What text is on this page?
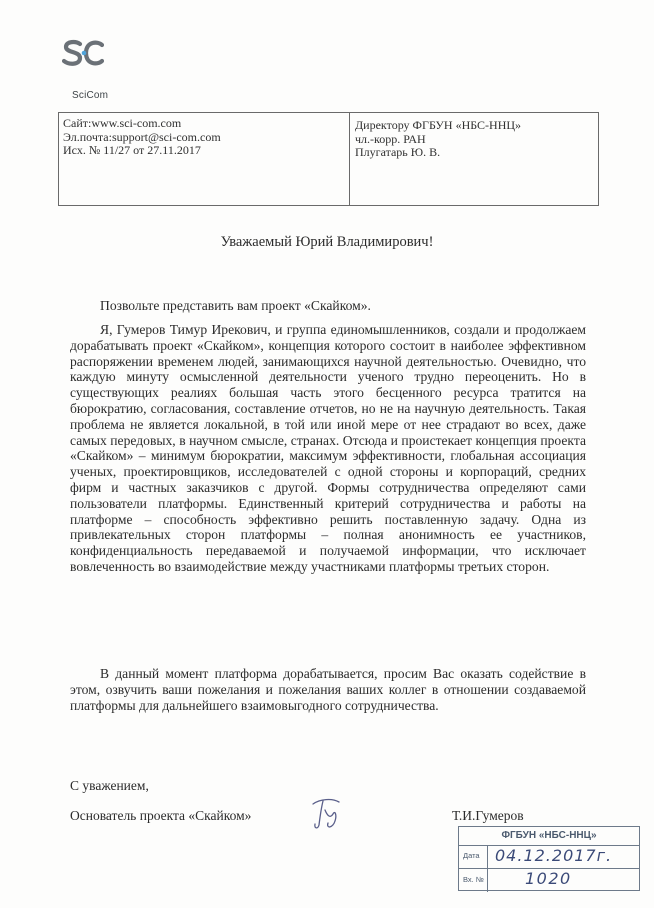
SciCom
Сайт:www.sci-com.com
Эл.почта:support@sci-com.com
Исх. № 11/27 от 27.11.2017
Директору ФГБУН «НБС-ННЦ»
чл.-корр. РАН
Плугатарь Ю. В.
Уважаемый Юрий Владимирович!
Позвольте представить вам проект «Скайком».
Я, Гумеров Тимур Ирекович, и группа единомышленников, создали и продолжаем дорабатывать проект «Скайком», концепция которого состоит в наиболее эффективном распоряжении временем людей, занимающихся научной деятельностью. Очевидно, что каждую минуту осмысленной деятельности ученого трудно переоценить. Но в существующих реалиях большая часть этого бесценного ресурса тратится на бюрократию, согласования, составление отчетов, но не на научную деятельность. Такая проблема не является локальной, в той или иной мере от нее страдают во всех, даже самых передовых, в научном смысле, странах. Отсюда и проистекает концепция проекта «Скайком» – минимум бюрократии, максимум эффективности, глобальная ассоциация ученых, проектировщиков, исследователей с одной стороны и корпораций, средних фирм и частных заказчиков с другой. Формы сотрудничества определяют сами пользователи платформы. Единственный критерий сотрудничества и работы на платформе – способность эффективно решить поставленную задачу. Одна из привлекательных сторон платформы – полная анонимность ее участников, конфиденциальность передаваемой и получаемой информации, что исключает вовлеченность во взаимодействие между участниками платформы третьих сторон.
В данный момент платформа дорабатывается, просим Вас оказать содействие в этом, озвучить ваши пожелания и пожелания ваших коллег в отношении создаваемой платформы для дальнейшего взаимовыгодного сотрудничества.
С уважением,
Основатель проекта «Скайком»	Т.И.Гумеров
ФГБУН «НБС-ННЦ»
Дата 04.12.2017г.
Вх. №	1020
